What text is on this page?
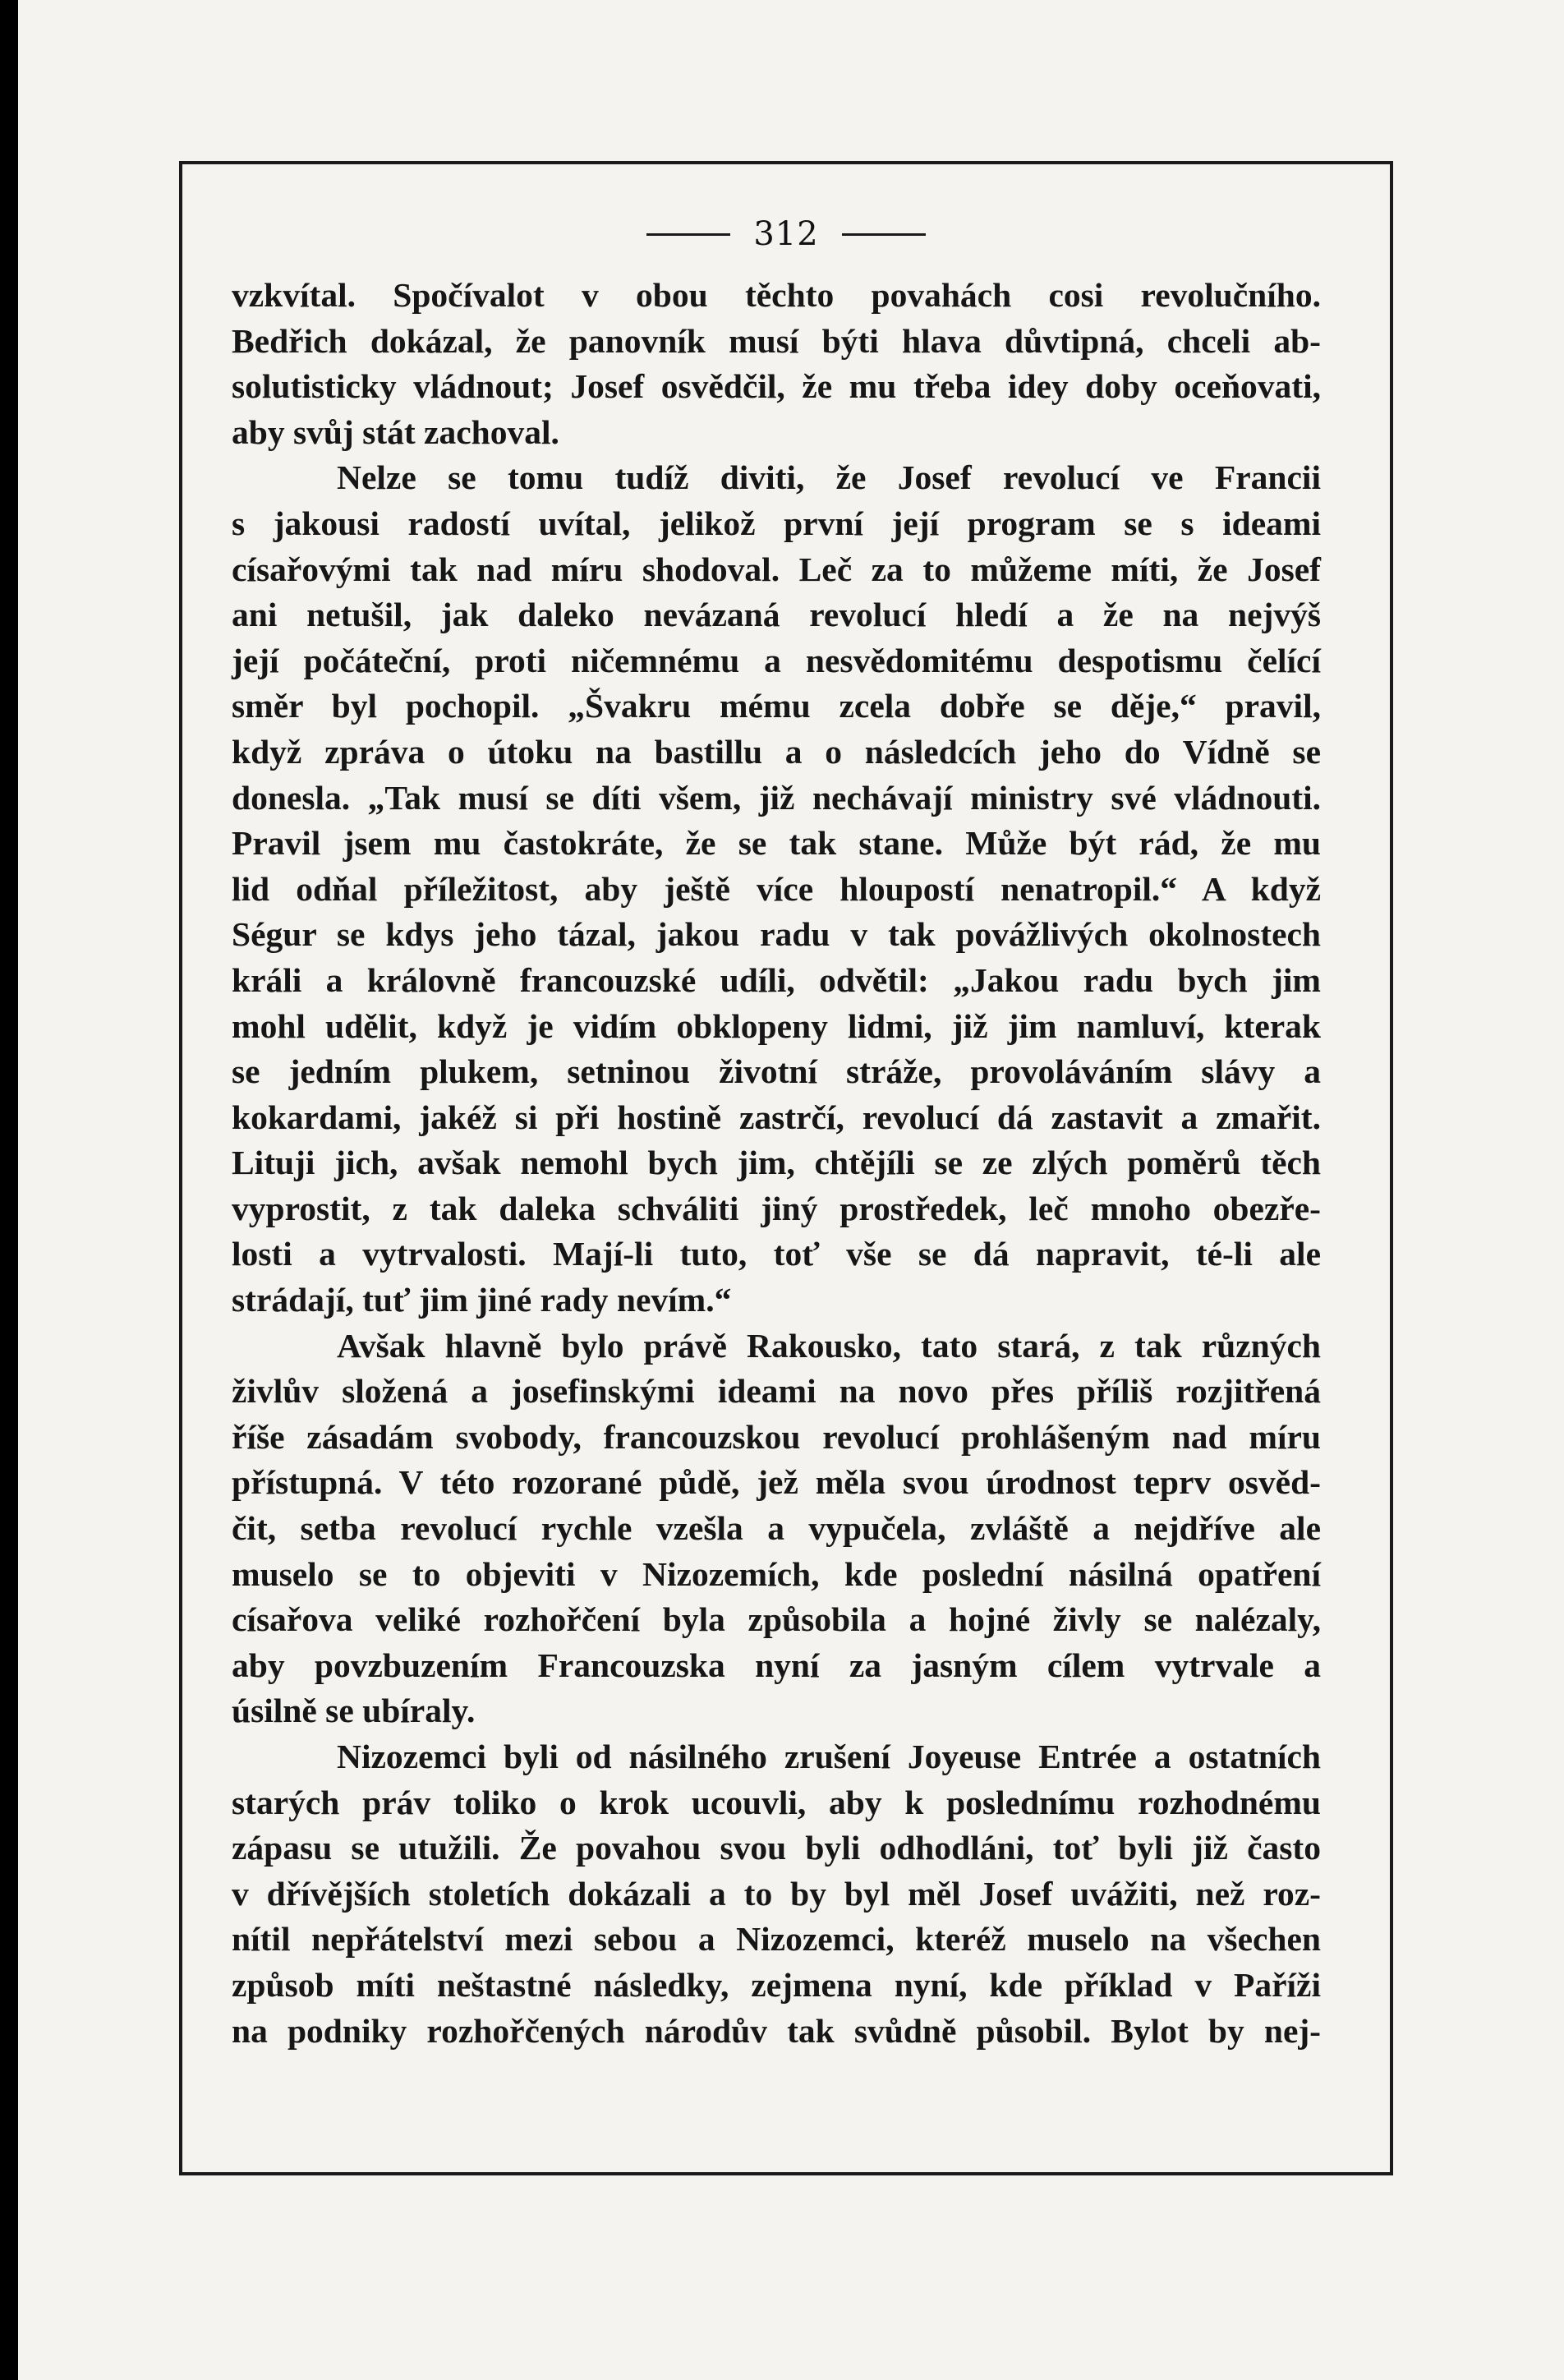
312
vzkvítal. Spočívalot v obou těchto povahách cosi revolučního.
Bedřich dokázal, že panovník musí býti hlava důvtipná, chceli ab-
solutisticky vládnout; Josef osvědčil, že mu třeba idey doby oceňovati,
aby svůj stát zachoval.
Nelze se tomu tudíž diviti, že Josef revolucí ve Francii
s jakousi radostí uvítal, jelikož první její program se s ideami
císařovými tak nad míru shodoval. Leč za to můžeme míti, že Josef
ani netušil, jak daleko nevázaná revolucí hledí a že na nejvýš
její počáteční, proti ničemnému a nesvědomitému despotismu čelící
směr byl pochopil. „Švakru mému zcela dobře se děje,“ pravil,
když zpráva o útoku na bastillu a o následcích jeho do Vídně se
donesla. „Tak musí se díti všem, již nechávají ministry své vládnouti.
Pravil jsem mu častokráte, že se tak stane. Může být rád, že mu
lid odňal příležitost, aby ještě více hloupostí nenatropil.“ A když
Ségur se kdys jeho tázal, jakou radu v tak povážlivých okolnostech
králi a královně francouzské udíli, odvětil: „Jakou radu bych jim
mohl udělit, když je vidím obklopeny lidmi, již jim namluví, kterak
se jedním plukem, setninou životní stráže, provoláváním slávy a
kokardami, jakéž si při hostině zastrčí, revolucí dá zastavit a zmařit.
Lituji jich, avšak nemohl bych jim, chtějíli se ze zlých poměrů těch
vyprostit, z tak daleka schváliti jiný prostředek, leč mnoho obezře-
losti a vytrvalosti. Mají-li tuto, toť vše se dá napravit, té-li ale
strádají, tuť jim jiné rady nevím.“
Avšak hlavně bylo právě Rakousko, tato stará, z tak různých
živlův složená a josefinskými ideami na novo přes příliš rozjitřená
říše zásadám svobody, francouzskou revolucí prohlášeným nad míru
přístupná. V této rozorané půdě, jež měla svou úrodnost teprv osvěd-
čit, setba revolucí rychle vzešla a vypučela, zvláště a nejdříve ale
muselo se to objeviti v Nizozemích, kde poslední násilná opatření
císařova veliké rozhořčení byla způsobila a hojné živly se nalézaly,
aby povzbuzením Francouzska nyní za jasným cílem vytrvale a
úsilně se ubíraly.
Nizozemci byli od násilného zrušení Joyeuse Entrée a ostatních
starých práv toliko o krok ucouvli, aby k poslednímu rozhodnému
zápasu se utužili. Že povahou svou byli odhodláni, toť byli již často
v dřívějších stoletích dokázali a to by byl měl Josef uvážiti, než roz-
nítil nepřátelství mezi sebou a Nizozemci, kteréž muselo na všechen
způsob míti neštastné následky, zejmena nyní, kde příklad v Paříži
na podniky rozhořčených národův tak svůdně působil. Bylot by nej-
